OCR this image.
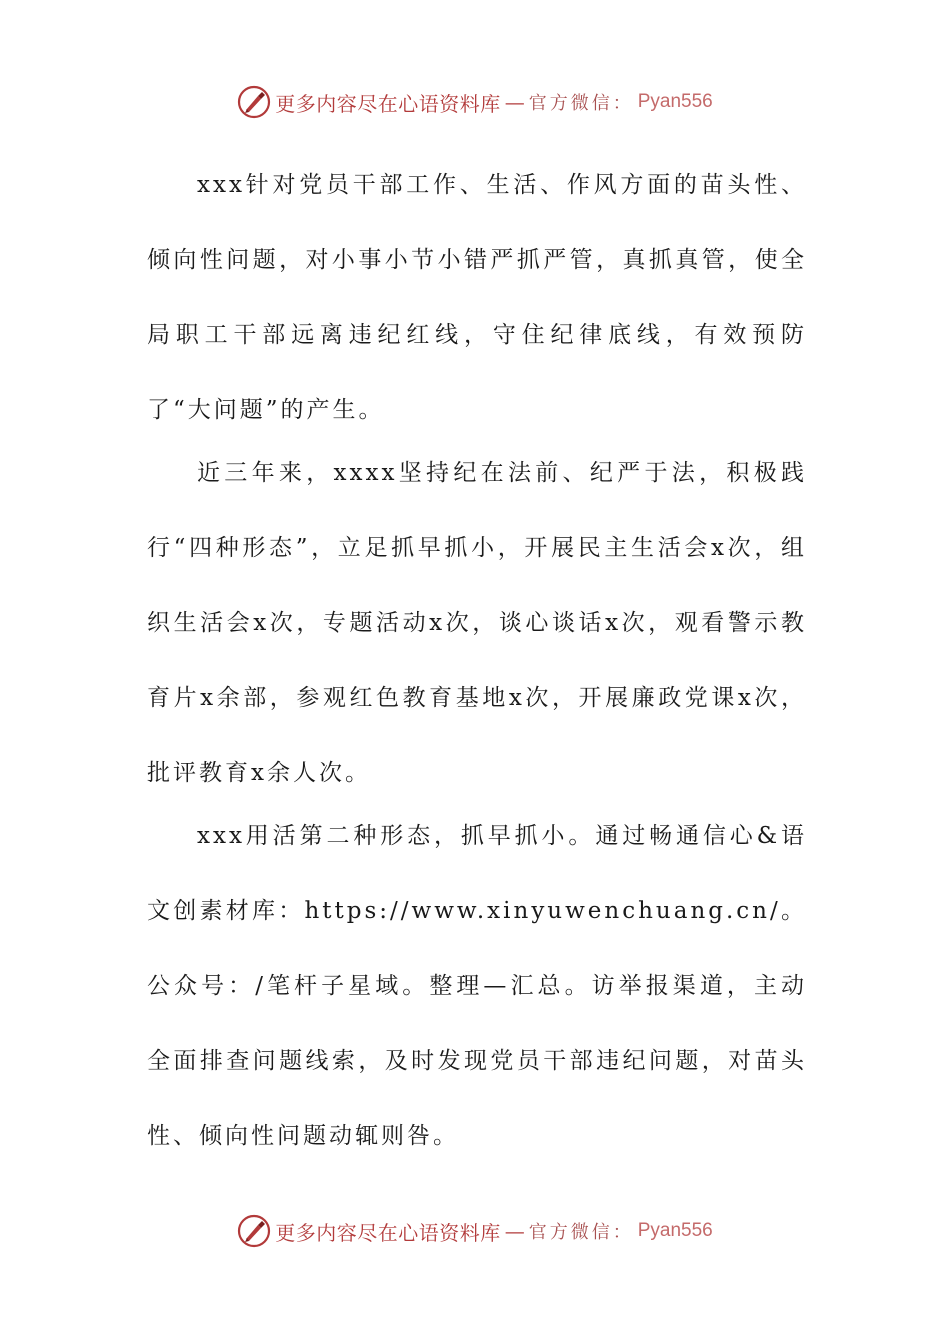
更多内容尽在心语资料库 — 官方微信： Pyan556

xxx针对党员干部工作、生活、作风方面的苗头性、倾向性问题，对小事小节小错严抓严管，真抓真管，使全局职工干部远离违纪红线，守住纪律底线，有效预防了“大问题”的产生。

近三年来，xxxx坚持纪在法前、纪严于法，积极践行“四种形态”，立足抓早抓小，开展民主生活会x次，组织生活会x次，专题活动x次，谈心谈话x次，观看警示教育片x余部，参观红色教育基地x次，开展廉政党课x次，批评教育x余人次。

xxx用活第二种形态，抓早抓小。通过畅通信心&语文创素材库：https://www.xinyuwenchuang.cn/。公众号：/笔杆子星域。整理—汇总。访举报渠道，主动全面排查问题线索，及时发现党员干部违纪问题，对苗头性、倾向性问题动辄则咎。

更多内容尽在心语资料库 — 官方微信： Pyan556
